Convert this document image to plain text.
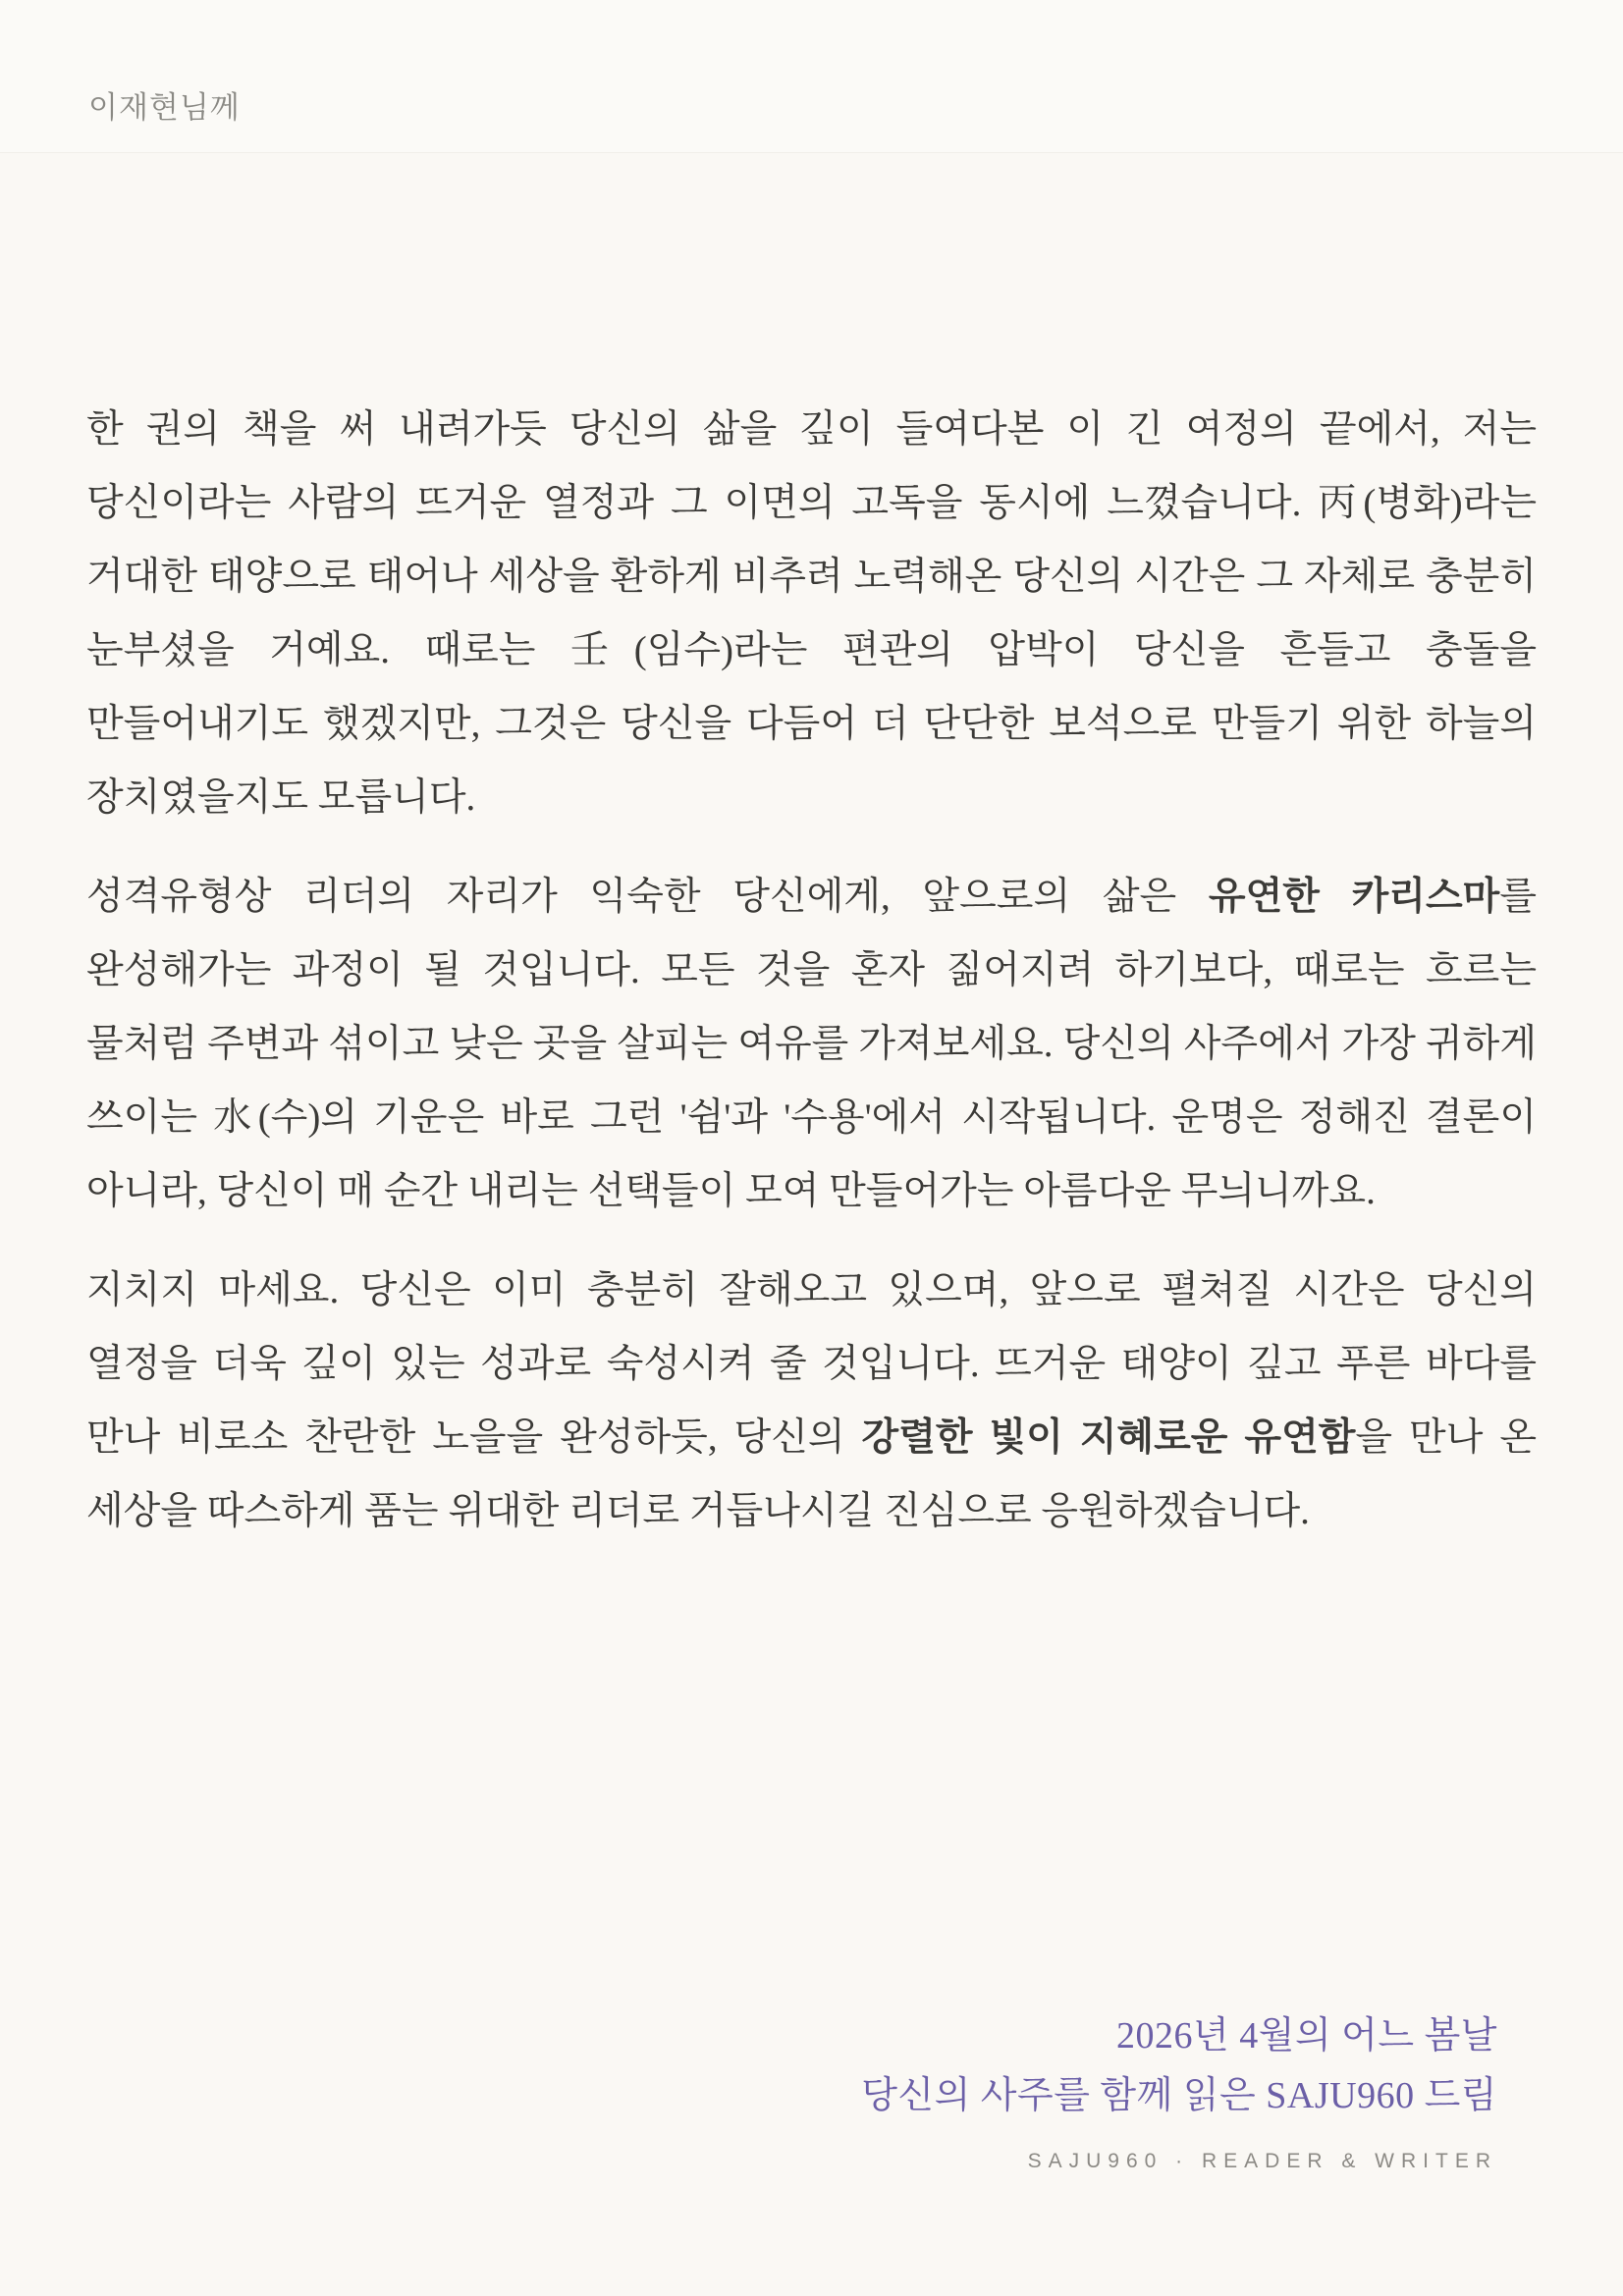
이재현님께

한 권의 책을 써 내려가듯 당신의 삶을 깊이 들여다본 이 긴 여정의 끝에서, 저는 당신이라는 사람의 뜨거운 열정과 그 이면의 고독을 동시에 느꼈습니다. 丙(병화)라는 거대한 태양으로 태어나 세상을 환하게 비추려 노력해온 당신의 시간은 그 자체로 충분히 눈부셨을 거예요. 때로는 壬(임수)라는 편관의 압박이 당신을 흔들고 충돌을 만들어내기도 했겠지만, 그것은 당신을 다듬어 더 단단한 보석으로 만들기 위한 하늘의 장치였을지도 모릅니다.

성격유형상 리더의 자리가 익숙한 당신에게, 앞으로의 삶은 유연한 카리스마를 완성해가는 과정이 될 것입니다. 모든 것을 혼자 짊어지려 하기보다, 때로는 흐르는 물처럼 주변과 섞이고 낮은 곳을 살피는 여유를 가져보세요. 당신의 사주에서 가장 귀하게 쓰이는 水(수)의 기운은 바로 그런 '쉼'과 '수용'에서 시작됩니다. 운명은 정해진 결론이 아니라, 당신이 매 순간 내리는 선택들이 모여 만들어가는 아름다운 무늬니까요.

지치지 마세요. 당신은 이미 충분히 잘해오고 있으며, 앞으로 펼쳐질 시간은 당신의 열정을 더욱 깊이 있는 성과로 숙성시켜 줄 것입니다. 뜨거운 태양이 깊고 푸른 바다를 만나 비로소 찬란한 노을을 완성하듯, 당신의 강렬한 빛이 지혜로운 유연함을 만나 온 세상을 따스하게 품는 위대한 리더로 거듭나시길 진심으로 응원하겠습니다.

2026년 4월의 어느 봄날
당신의 사주를 함께 읽은 SAJU960 드림
SAJU960 · READER & WRITER
